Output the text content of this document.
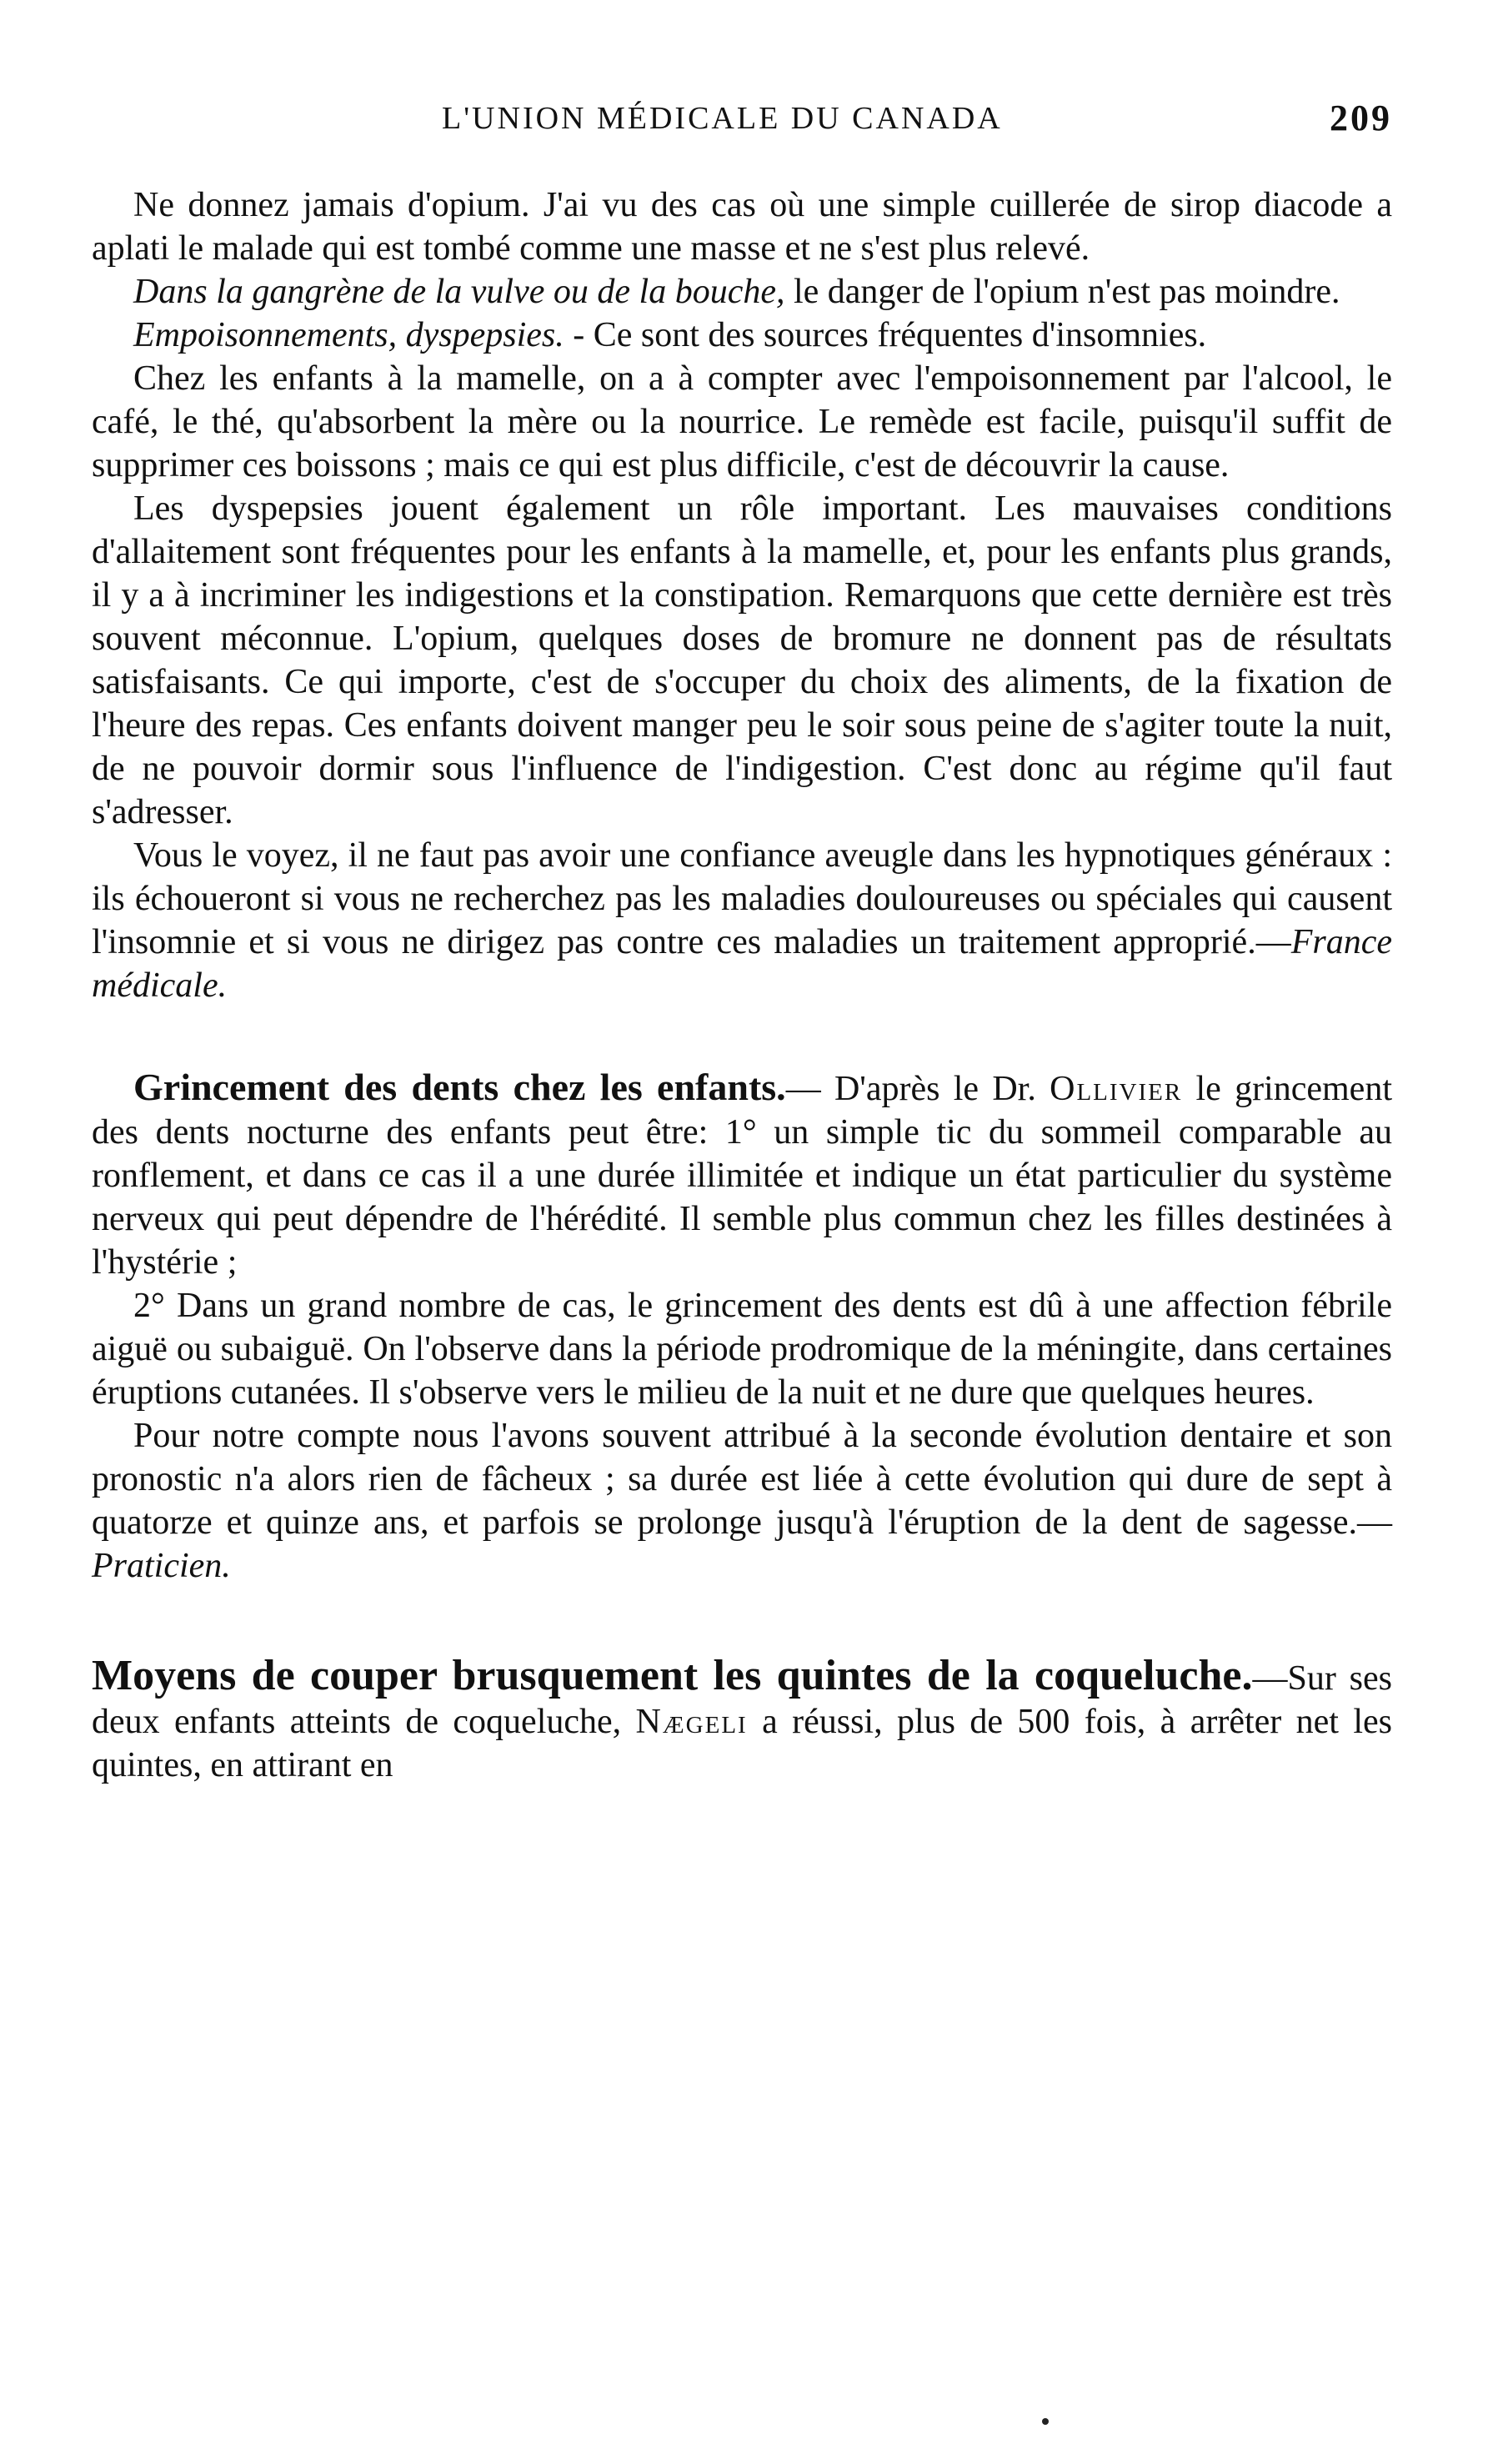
L'UNION MÉDICALE DU CANADA	209

Ne donnez jamais d'opium. J'ai vu des cas où une simple cuillerée de sirop diacode a aplati le malade qui est tombé comme une masse et ne s'est plus relevé.

Dans la gangrène de la vulve ou de la bouche, le danger de l'opium n'est pas moindre.

Empoisonnements, dyspepsies. - Ce sont des sources fréquentes d'insomnies.

Chez les enfants à la mamelle, on a à compter avec l'empoisonnement par l'alcool, le café, le thé, qu'absorbent la mère ou la nourrice. Le remède est facile, puisqu'il suffit de supprimer ces boissons ; mais ce qui est plus difficile, c'est de découvrir la cause.

Les dyspepsies jouent également un rôle important. Les mauvaises conditions d'allaitement sont fréquentes pour les enfants à la mamelle, et, pour les enfants plus grands, il y a à incriminer les indigestions et la constipation. Remarquons que cette dernière est très souvent méconnue. L'opium, quelques doses de bromure ne donnent pas de résultats satisfaisants. Ce qui importe, c'est de s'occuper du choix des aliments, de la fixation de l'heure des repas. Ces enfants doivent manger peu le soir sous peine de s'agiter toute la nuit, de ne pouvoir dormir sous l'influence de l'indigestion. C'est donc au régime qu'il faut s'adresser.

Vous le voyez, il ne faut pas avoir une confiance aveugle dans les hypnotiques généraux : ils échoueront si vous ne recherchez pas les maladies douloureuses ou spéciales qui causent l'insomnie et si vous ne dirigez pas contre ces maladies un traitement approprié.—France médicale.

Grincement des dents chez les enfants.— D'après le Dr. Ollivier le grincement des dents nocturne des enfants peut être: 1° un simple tic du sommeil comparable au ronflement, et dans ce cas il a une durée illimitée et indique un état particulier du système nerveux qui peut dépendre de l'hérédité. Il semble plus commun chez les filles destinées à l'hystérie ;

2° Dans un grand nombre de cas, le grincement des dents est dû à une affection fébrile aiguë ou subaiguë. On l'observe dans la période prodromique de la méningite, dans certaines éruptions cutanées. Il s'observe vers le milieu de la nuit et ne dure que quelques heures.

Pour notre compte nous l'avons souvent attribué à la seconde évolution dentaire et son pronostic n'a alors rien de fâcheux ; sa durée est liée à cette évolution qui dure de sept à quatorze et quinze ans, et parfois se prolonge jusqu'à l'éruption de la dent de sagesse.—Praticien.

Moyens de couper brusquement les quintes de la coqueluche.—Sur ses deux enfants atteints de coqueluche, Nægeli a réussi, plus de 500 fois, à arrêter net les quintes, en attirant en
